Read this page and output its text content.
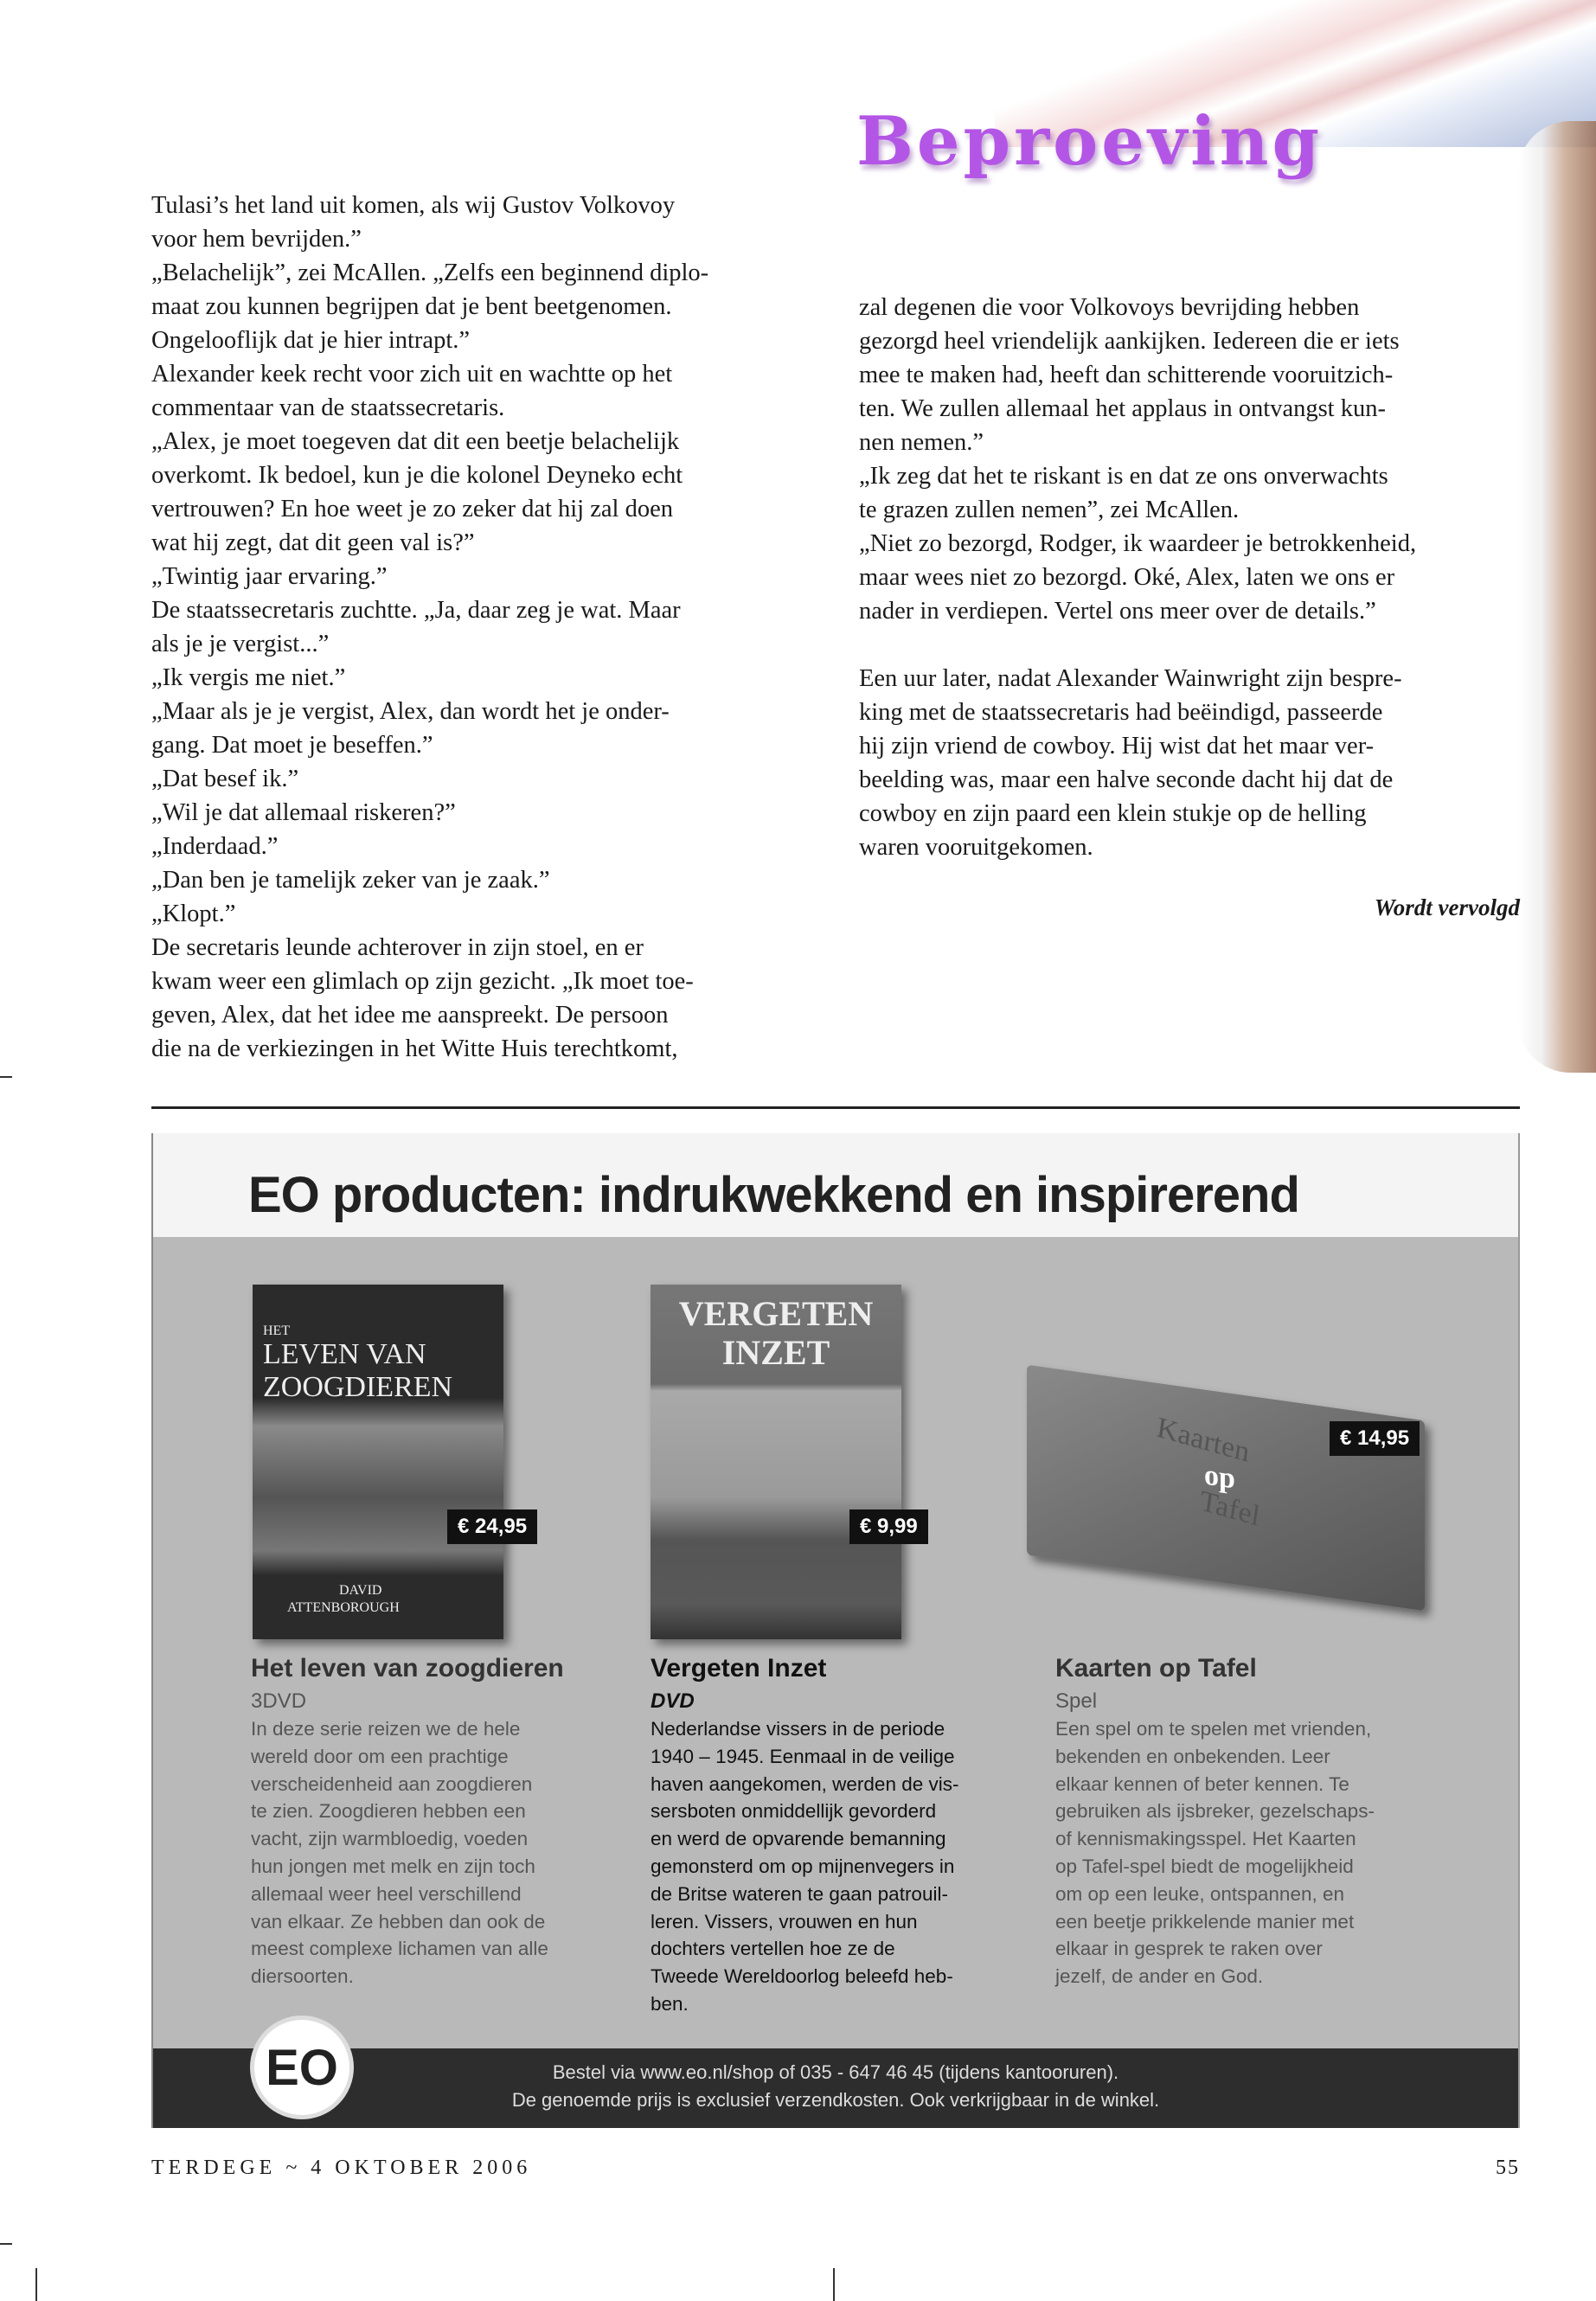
Beproeving
Tulasi’s het land uit komen, als wij Gustov Volkovoy
voor hem bevrijden.”
„Belachelijk”, zei McAllen. „Zelfs een beginnend diplo-
maat zou kunnen begrijpen dat je bent beetgenomen.
Ongelooflijk dat je hier intrapt.”
Alexander keek recht voor zich uit en wachtte op het
commentaar van de staatssecretaris.
„Alex, je moet toegeven dat dit een beetje belachelijk
overkomt. Ik bedoel, kun je die kolonel Deyneko echt
vertrouwen? En hoe weet je zo zeker dat hij zal doen
wat hij zegt, dat dit geen val is?”
„Twintig jaar ervaring.”
De staatssecretaris zuchtte. „Ja, daar zeg je wat. Maar
als je je vergist...”
„Ik vergis me niet.”
„Maar als je je vergist, Alex, dan wordt het je onder-
gang. Dat moet je beseffen.”
„Dat besef ik.”
„Wil je dat allemaal riskeren?”
„Inderdaad.”
„Dan ben je tamelijk zeker van je zaak.”
„Klopt.”
De secretaris leunde achterover in zijn stoel, en er
kwam weer een glimlach op zijn gezicht. „Ik moet toe-
geven, Alex, dat het idee me aanspreekt. De persoon
die na de verkiezingen in het Witte Huis terechtkomt,
zal degenen die voor Volkovoys bevrijding hebben
gezorgd heel vriendelijk aankijken. Iedereen die er iets
mee te maken had, heeft dan schitterende vooruitzich-
ten. We zullen allemaal het applaus in ontvangst kun-
nen nemen.”
„Ik zeg dat het te riskant is en dat ze ons onverwachts
te grazen zullen nemen”, zei McAllen.
„Niet zo bezorgd, Rodger, ik waardeer je betrokkenheid,
maar wees niet zo bezorgd. Oké, Alex, laten we ons er
nader in verdiepen. Vertel ons meer over de details.”
Een uur later, nadat Alexander Wainwright zijn bespre-
king met de staatssecretaris had beëindigd, passeerde
hij zijn vriend de cowboy. Hij wist dat het maar ver-
beelding was, maar een halve seconde dacht hij dat de
cowboy en zijn paard een klein stukje op de helling
waren vooruitgekomen.
Wordt vervolgd
EO producten: indrukwekkend en inspirerend
HET
LEVEN VAN
ZOOGDIEREN
DAVID
ATTENBOROUGH
€ 24,95
VERGETEN
INZET
€ 9,99
Kaarten
op
Tafel
€ 14,95
Het leven van zoogdieren
3DVD
In deze serie reizen we de hele
wereld door om een prachtige
verscheidenheid aan zoogdieren
te zien. Zoogdieren hebben een
vacht, zijn warmbloedig, voeden
hun jongen met melk en zijn toch
allemaal weer heel verschillend
van elkaar. Ze hebben dan ook de
meest complexe lichamen van alle
diersoorten.
Vergeten Inzet
DVD
Nederlandse vissers in de periode
1940 – 1945. Eenmaal in de veilige
haven aangekomen, werden de vis-
sersboten onmiddellijk gevorderd
en werd de opvarende bemanning
gemonsterd om op mijnenvegers in
de Britse wateren te gaan patrouil-
leren. Vissers, vrouwen en hun
dochters vertellen hoe ze de
Tweede Wereldoorlog beleefd heb-
ben.
Kaarten op Tafel
Spel
Een spel om te spelen met vrienden,
bekenden en onbekenden. Leer
elkaar kennen of beter kennen. Te
gebruiken als ijsbreker, gezelschaps-
of kennismakingsspel. Het Kaarten
op Tafel-spel biedt de mogelijkheid
om op een leuke, ontspannen, en
een beetje prikkelende manier met
elkaar in gesprek te raken over
jezelf, de ander en God.
Bestel via www.eo.nl/shop of 035 - 647 46 45 (tijdens kantooruren).
De genoemde prijs is exclusief verzendkosten. Ook verkrijgbaar in de winkel.
EO
TERDEGE ~ 4 OKTOBER 2006	55
